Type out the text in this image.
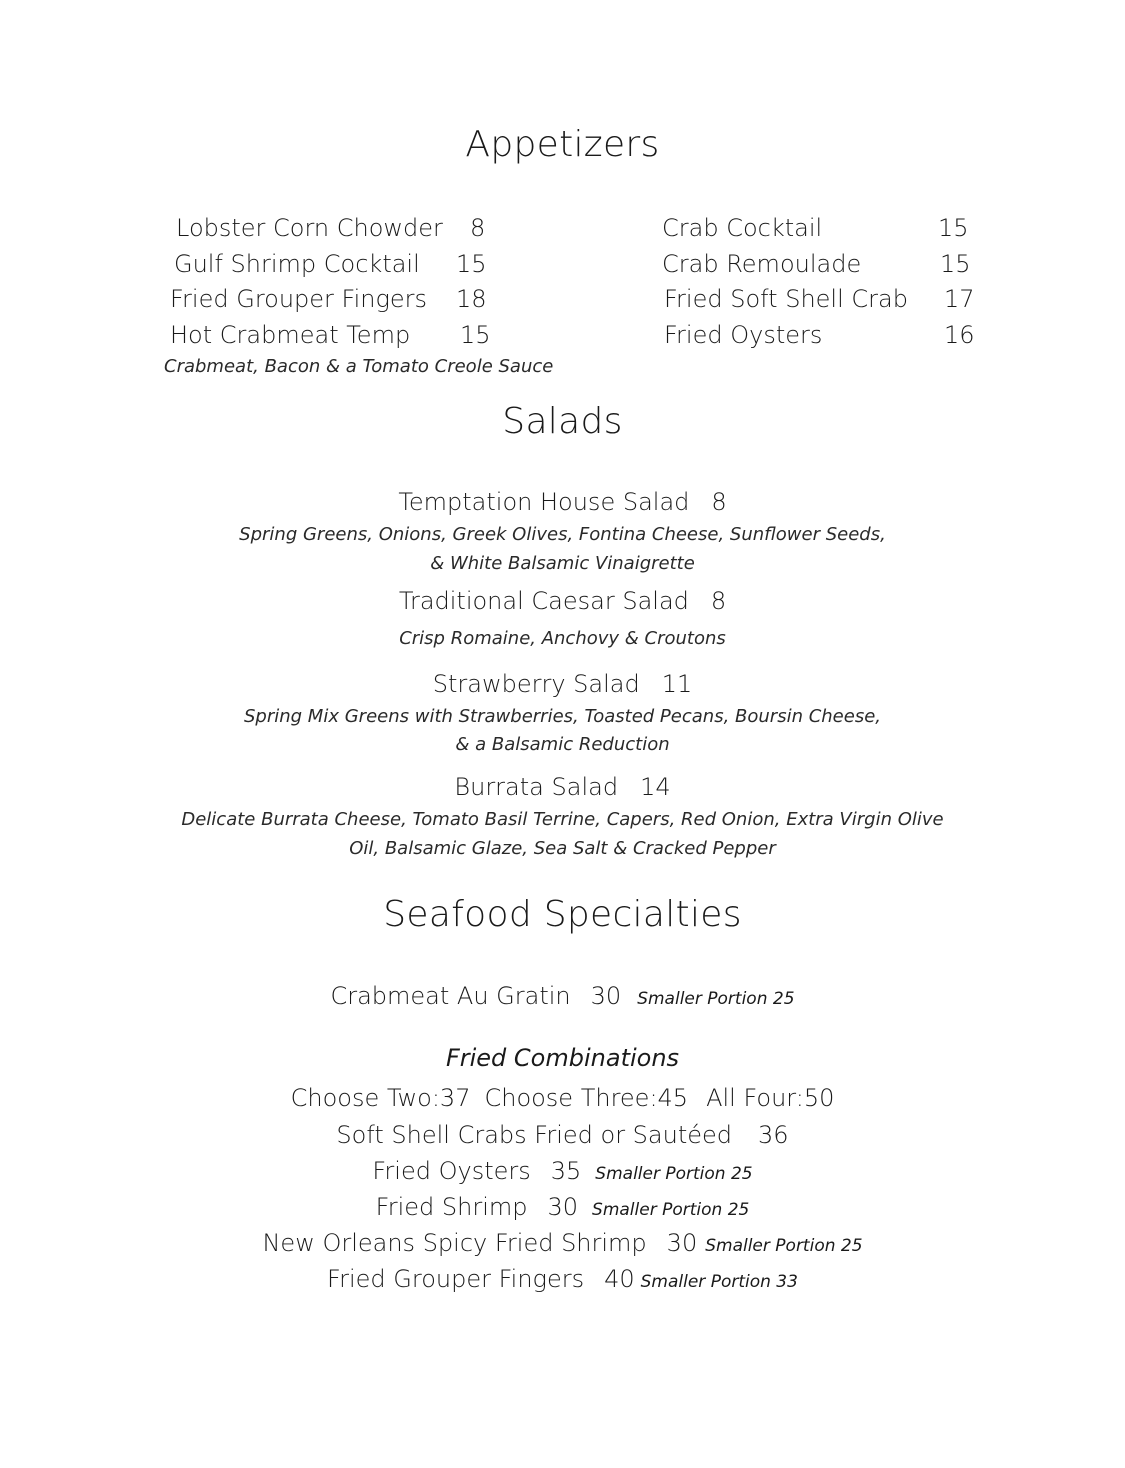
Appetizers
Lobster Corn Chowder 8
Gulf Shrimp Cocktail 15
Fried Grouper Fingers 18
Hot Crabmeat Temp 15
Crabmeat, Bacon & a Tomato Creole Sauce
Crab Cocktail	15
Crab Remoulade	15
Fried Soft Shell Crab 17
Fried Oysters	16
Salads
Temptation House Salad 8
Spring Greens, Onions, Greek Olives, Fontina Cheese, Sunflower Seeds,
& White Balsamic Vinaigrette
Traditional Caesar Salad 8
Crisp Romaine, Anchovy & Croutons
Strawberry Salad 11
Spring Mix Greens with Strawberries, Toasted Pecans, Boursin Cheese,
& a Balsamic Reduction
Burrata Salad 14
Delicate Burrata Cheese, Tomato Basil Terrine, Capers, Red Onion, Extra Virgin Olive
Oil, Balsamic Glaze, Sea Salt & Cracked Pepper
Seafood Specialties
Crabmeat Au Gratin 30 Smaller Portion 25
Fried Combinations
Choose Two:37 Choose Three:45 All Four:50
Soft Shell Crabs Fried or Sautéed 36
Fried Oysters 35 Smaller Portion 25
Fried Shrimp 30 Smaller Portion 25
New Orleans Spicy Fried Shrimp 30 Smaller Portion 25
Fried Grouper Fingers 40 Smaller Portion 33
